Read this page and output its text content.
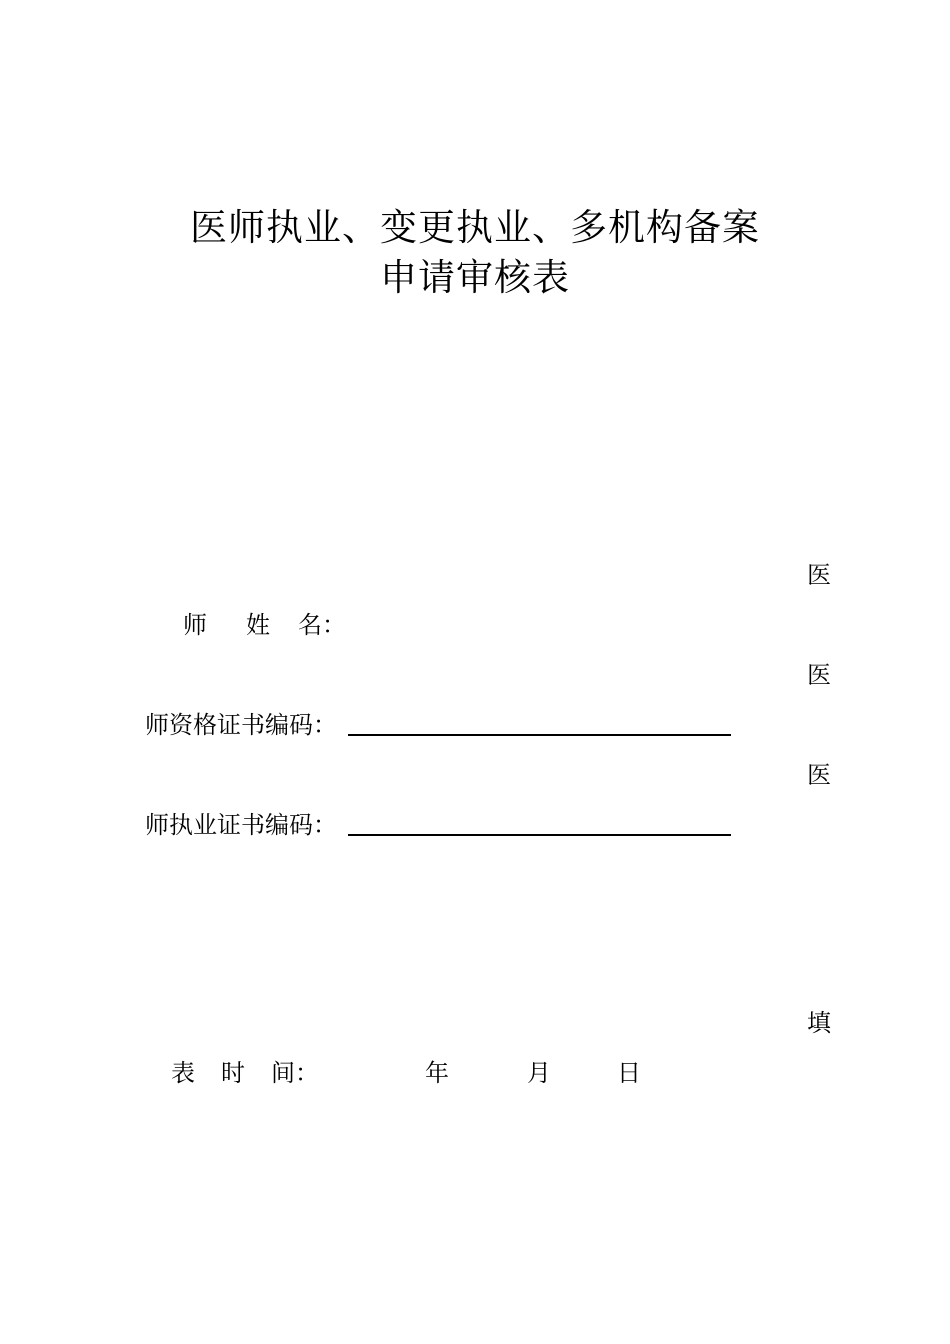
医师执业、变更执业、多机构备案
申请审核表
医
师 姓 名：
医
师资格证书编码：
医
师执业证书编码：
填
表 时 间：	年	月	日
